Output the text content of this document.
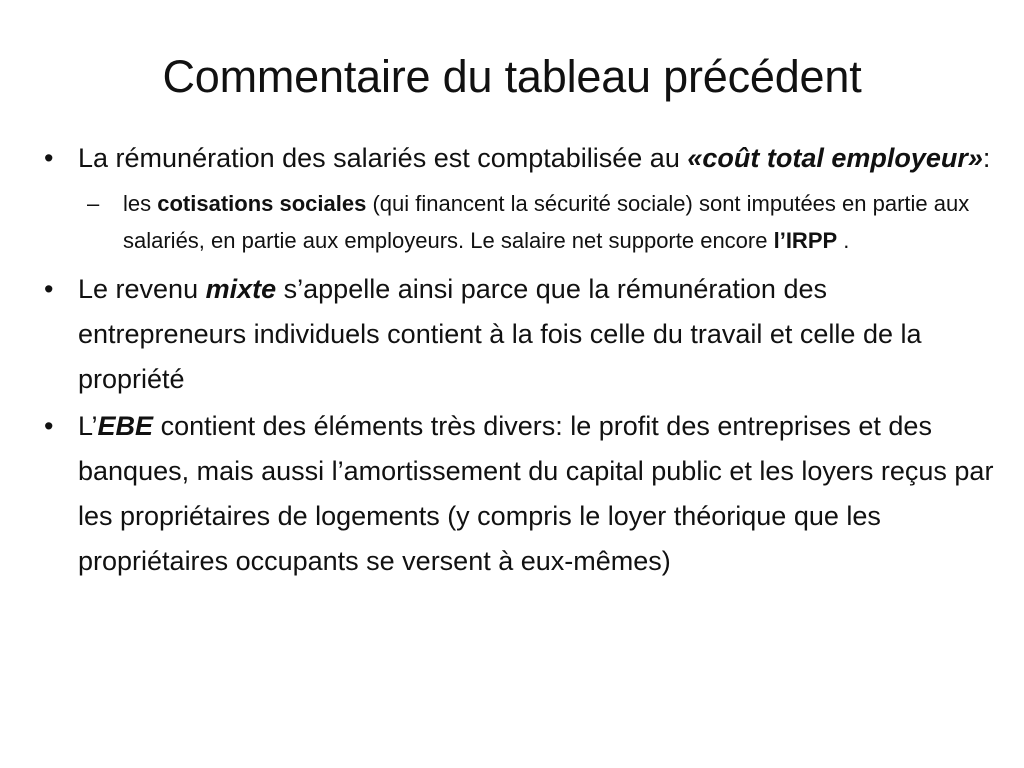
Commentaire du tableau précédent
• La rémunération des salariés est comptabilisée au «coût total employeur»:
– les cotisations sociales (qui financent la sécurité sociale) sont imputées en partie aux salariés, en partie aux employeurs. Le salaire net supporte encore l’IRPP .
• Le revenu mixte s’appelle ainsi parce que la rémunération des entrepreneurs individuels contient à la fois celle du travail et celle de la propriété
• L’EBE contient des éléments très divers: le profit des entreprises et des banques, mais aussi l’amortissement du capital public et les loyers reçus par les propriétaires de logements (y compris le loyer théorique que les propriétaires occupants se versent à eux-mêmes)
